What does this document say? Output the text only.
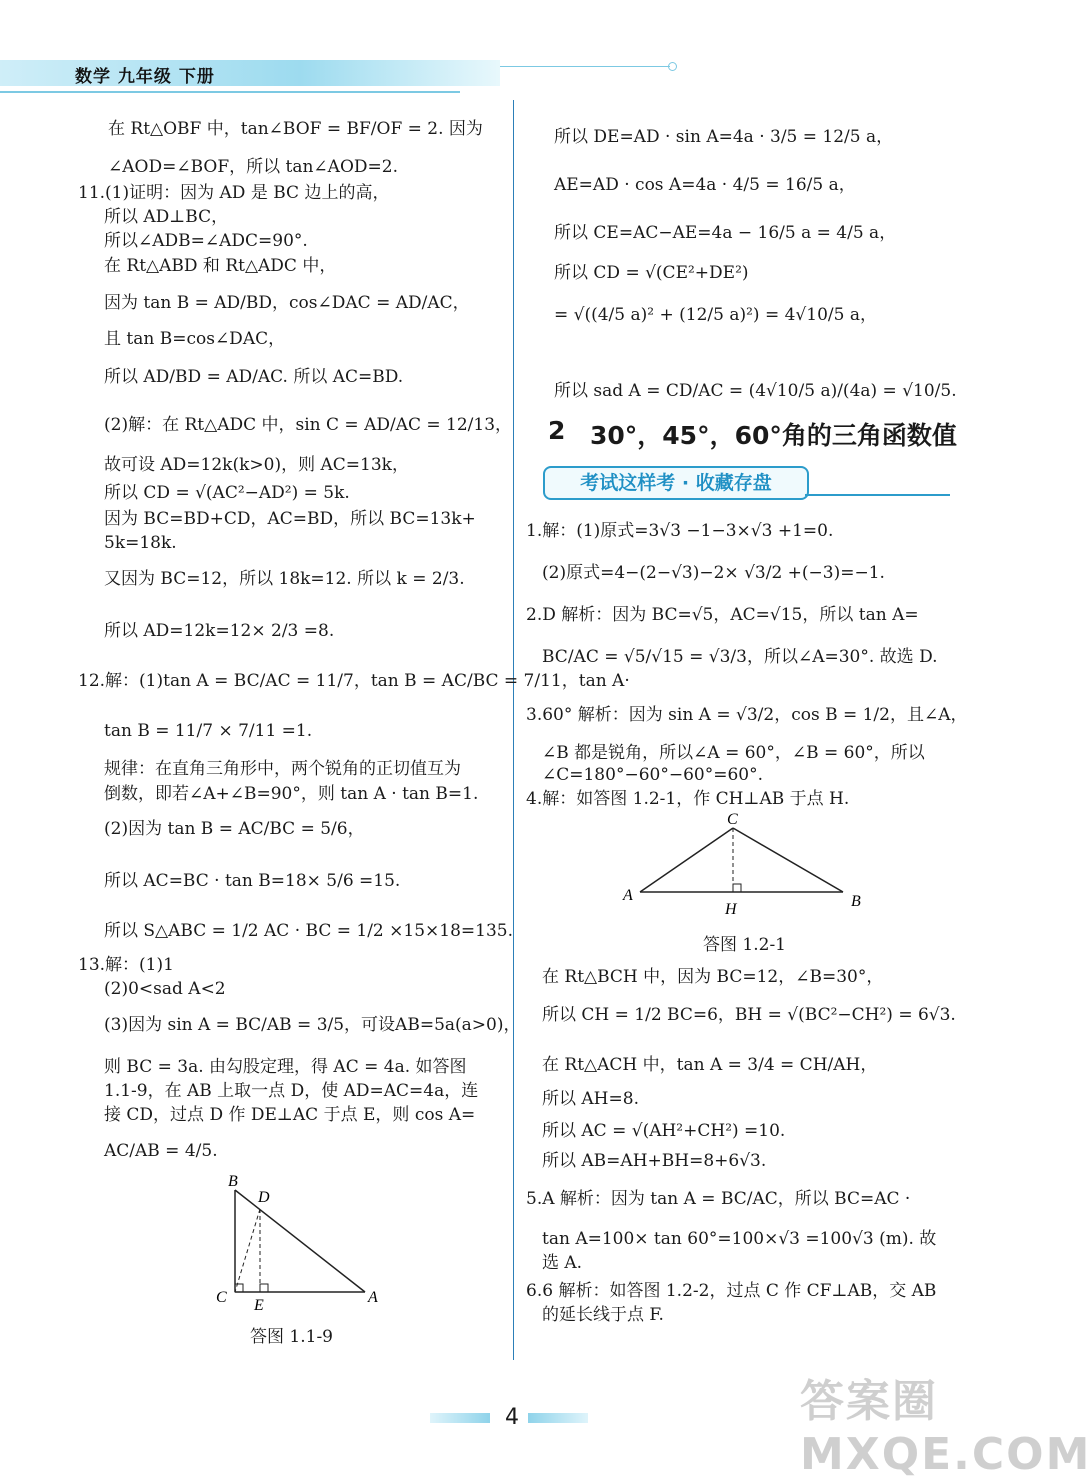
数学 九年级 下册
在 Rt△OBF 中，tan∠BOF = BF/OF = 2. 因为
∠AOD=∠BOF，所以 tan∠AOD=2.
11.(1)证明：因为 AD 是 BC 边上的高，
所以 AD⊥BC，
所以∠ADB=∠ADC=90°.
在 Rt△ABD 和 Rt△ADC 中，
因为 tan B = AD/BD，cos∠DAC = AD/AC，
且 tan B=cos∠DAC，
所以 AD/BD = AD/AC. 所以 AC=BD.
(2)解：在 Rt△ADC 中，sin C = AD/AC = 12/13，
故可设 AD=12k(k>0)，则 AC=13k，
所以 CD = √(AC²−AD²) = 5k.
因为 BC=BD+CD，AC=BD，所以 BC=13k+
5k=18k.
又因为 BC=12，所以 18k=12. 所以 k = 2/3.
所以 AD=12k=12× 2/3 =8.
12.解：(1)tan A = BC/AC = 11/7，tan B = AC/BC = 7/11，tan A·
tan B = 11/7 × 7/11 =1.
规律：在直角三角形中，两个锐角的正切值互为
倒数，即若∠A+∠B=90°，则 tan A · tan B=1.
(2)因为 tan B = AC/BC = 5/6，
所以 AC=BC · tan B=18× 5/6 =15.
所以 S△ABC = 1/2 AC · BC = 1/2 ×15×18=135.
13.解：(1)1
(2)0<sad A<2
(3)因为 sin A = BC/AB = 3/5，可设AB=5a(a>0)，
则 BC = 3a. 由勾股定理，得 AC = 4a. 如答图
1.1-9，在 AB 上取一点 D，使 AD=AC=4a，连
接 CD，过点 D 作 DE⊥AC 于点 E，则 cos A=
AC/AB = 4/5.
B
D
C E	A
答图 1.1-9
所以 DE=AD · sin A=4a · 3/5 = 12/5 a，
AE=AD · cos A=4a · 4/5 = 16/5 a，
所以 CE=AC−AE=4a − 16/5 a = 4/5 a，
所以 CD = √(CE²+DE²)
= √((4/5 a)² + (12/5 a)²) = 4√10/5 a，
所以 sad A = CD/AC = (4√10/5 a)/(4a) = √10/5.
2 30°，45°，60°角的三角函数值
考试这样考 · 收藏存盘
1.解：(1)原式=3√3 −1−3×√3 +1=0.
(2)原式=4−(2−√3)−2× √3/2 +(−3)=−1.
2.D 解析：因为 BC=√5，AC=√15，所以 tan A=
BC/AC = √5/√15 = √3/3，所以∠A=30°. 故选 D.
3.60° 解析：因为 sin A = √3/2，cos B = 1/2，且∠A，
∠B 都是锐角，所以∠A = 60°，∠B = 60°，所以
∠C=180°−60°−60°=60°.
4.解：如答图 1.2-1，作 CH⊥AB 于点 H.
C
A
H	B
答图 1.2-1
在 Rt△BCH 中，因为 BC=12，∠B=30°，
所以 CH = 1/2 BC=6，BH = √(BC²−CH²) = 6√3.
在 Rt△ACH 中，tan A = 3/4 = CH/AH，
所以 AH=8.
所以 AC = √(AH²+CH²) =10.
所以 AB=AH+BH=8+6√3.
5.A 解析：因为 tan A = BC/AC，所以 BC=AC ·
tan A=100× tan 60°=100×√3 =100√3 (m). 故
选 A.
6.6 解析：如答图 1.2-2，过点 C 作 CF⊥AB，交 AB
的延长线于点 F.
4	答案圈 MXQE.COM
